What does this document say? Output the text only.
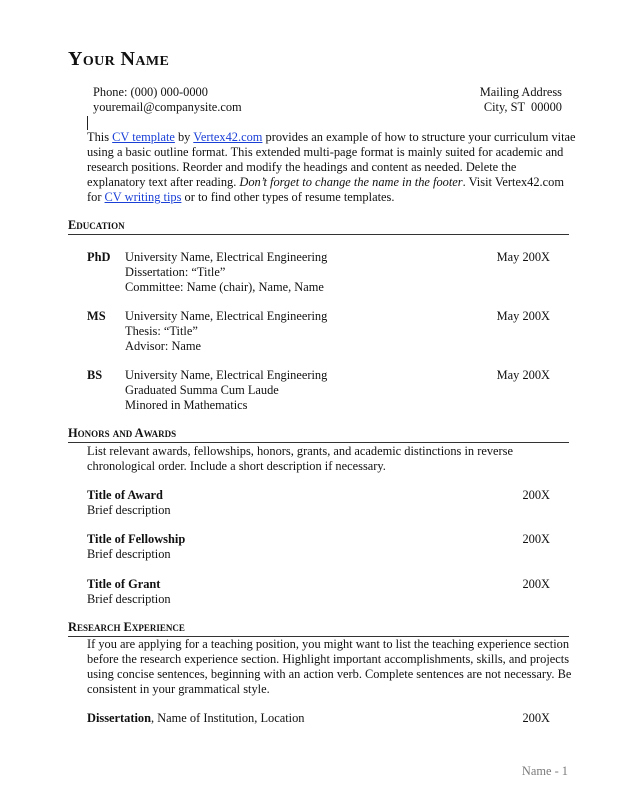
Your Name
Phone: (000) 000-0000
youremail@companysite.com
Mailing Address
City, ST  00000

This CV template by Vertex42.com provides an example of how to structure your curriculum vitae using a basic outline format. This extended multi-page format is mainly suited for academic and research positions. Reorder and modify the headings and content as needed. Delete the explanatory text after reading. Don’t forget to change the name in the footer. Visit Vertex42.com for CV writing tips or to find other types of resume templates.

Education
PhD University Name, Electrical Engineering
Dissertation: “Title”
Committee: Name (chair), Name, Name
May 200X
MS University Name, Electrical Engineering
Thesis: “Title”
Advisor: Name
May 200X
BS University Name, Electrical Engineering
Graduated Summa Cum Laude
Minored in Mathematics
May 200X
Honors and Awards

List relevant awards, fellowships, honors, grants, and academic distinctions in reverse chronological order. Include a short description if necessary.

Title of Award
Brief description
200X
Title of Fellowship
Brief description
200X
Title of Grant
Brief description
200X
Research Experience

If you are applying for a teaching position, you might want to list the teaching experience section before the research experience section. Highlight important accomplishments, skills, and projects using concise sentences, beginning with an action verb. Complete sentences are not necessary. Be consistent in your grammatical style.

Dissertation, Name of Institution, Location	200X
Name - 1
